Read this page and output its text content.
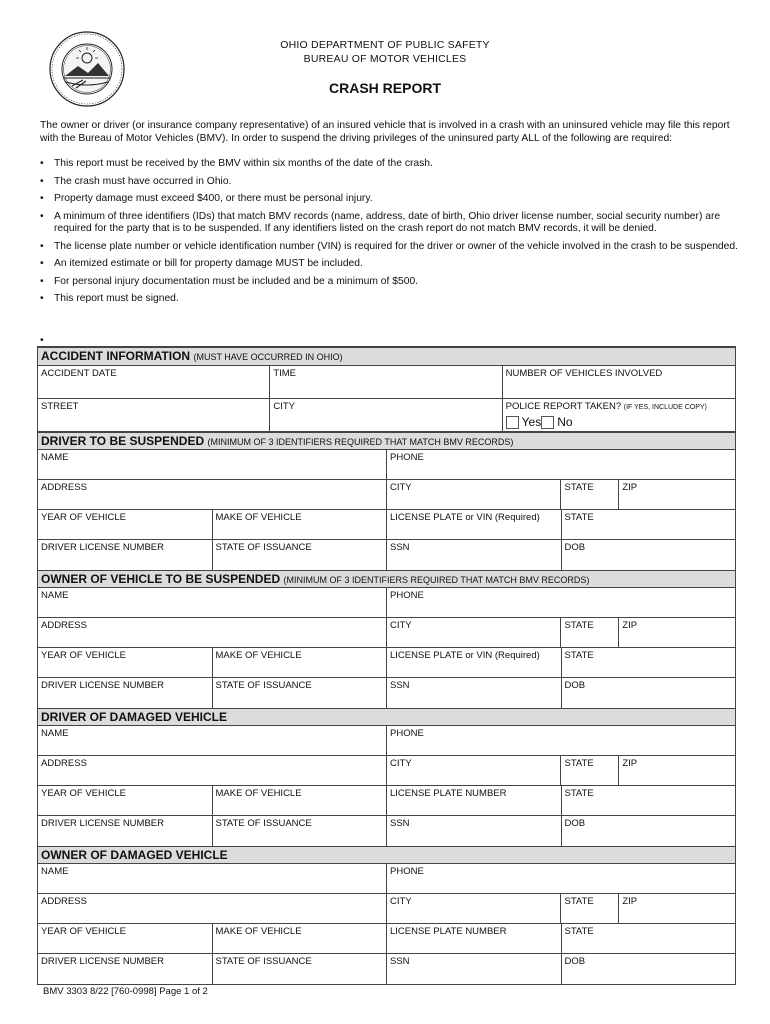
OHIO DEPARTMENT OF PUBLIC SAFETY
BUREAU OF MOTOR VEHICLES
CRASH REPORT
The owner or driver (or insurance company representative) of an insured vehicle that is involved in a crash with an uninsured vehicle may file this report with the Bureau of Motor Vehicles (BMV). In order to suspend the driving privileges of the uninsured party ALL of the following are required:
• This report must be received by the BMV within six months of the date of the crash.
• The crash must have occurred in Ohio.
• Property damage must exceed $400, or there must be personal injury.
• A minimum of three identifiers (IDs) that match BMV records (name, address, date of birth, Ohio driver license number, social security number) are required for the party that is to be suspended. If any identifiers listed on the crash report do not match BMV records, it will be denied.
• The license plate number or vehicle identification number (VIN) is required for the driver or owner of the vehicle involved in the crash to be suspended.
• An itemized estimate or bill for property damage MUST be included.
• For personal injury documentation must be included and be a minimum of $500.
• This report must be signed.
•
ACCIDENT INFORMATION (MUST HAVE OCCURRED IN OHIO)
ACCIDENT DATE	TIME	NUMBER OF VEHICLES INVOLVED
STREET	CITY	POLICE REPORT TAKEN? (IF YES, INCLUDE COPY)
Yes No
DRIVER TO BE SUSPENDED (MINIMUM OF 3 IDENTIFIERS REQUIRED THAT MATCH BMV RECORDS)
NAME	PHONE
ADDRESS	CITY	STATE	ZIP
YEAR OF VEHICLE	MAKE OF VEHICLE	LICENSE PLATE or VIN (Required)	STATE
DRIVER LICENSE NUMBER	STATE OF ISSUANCE	SSN	DOB
OWNER OF VEHICLE TO BE SUSPENDED (MINIMUM OF 3 IDENTIFIERS REQUIRED THAT MATCH BMV RECORDS)
NAME	PHONE
ADDRESS	CITY	STATE	ZIP
YEAR OF VEHICLE	MAKE OF VEHICLE	LICENSE PLATE or VIN (Required)	STATE
DRIVER LICENSE NUMBER	STATE OF ISSUANCE	SSN	DOB
DRIVER OF DAMAGED VEHICLE
NAME	PHONE
ADDRESS	CITY	STATE	ZIP
YEAR OF VEHICLE	MAKE OF VEHICLE	LICENSE PLATE NUMBER	STATE
DRIVER LICENSE NUMBER	STATE OF ISSUANCE	SSN	DOB
OWNER OF DAMAGED VEHICLE
NAME	PHONE
ADDRESS	CITY	STATE	ZIP
YEAR OF VEHICLE	MAKE OF VEHICLE	LICENSE PLATE NUMBER	STATE
DRIVER LICENSE NUMBER	STATE OF ISSUANCE	SSN	DOB
BMV 3303 8/22 [760-0998] Page 1 of 2
